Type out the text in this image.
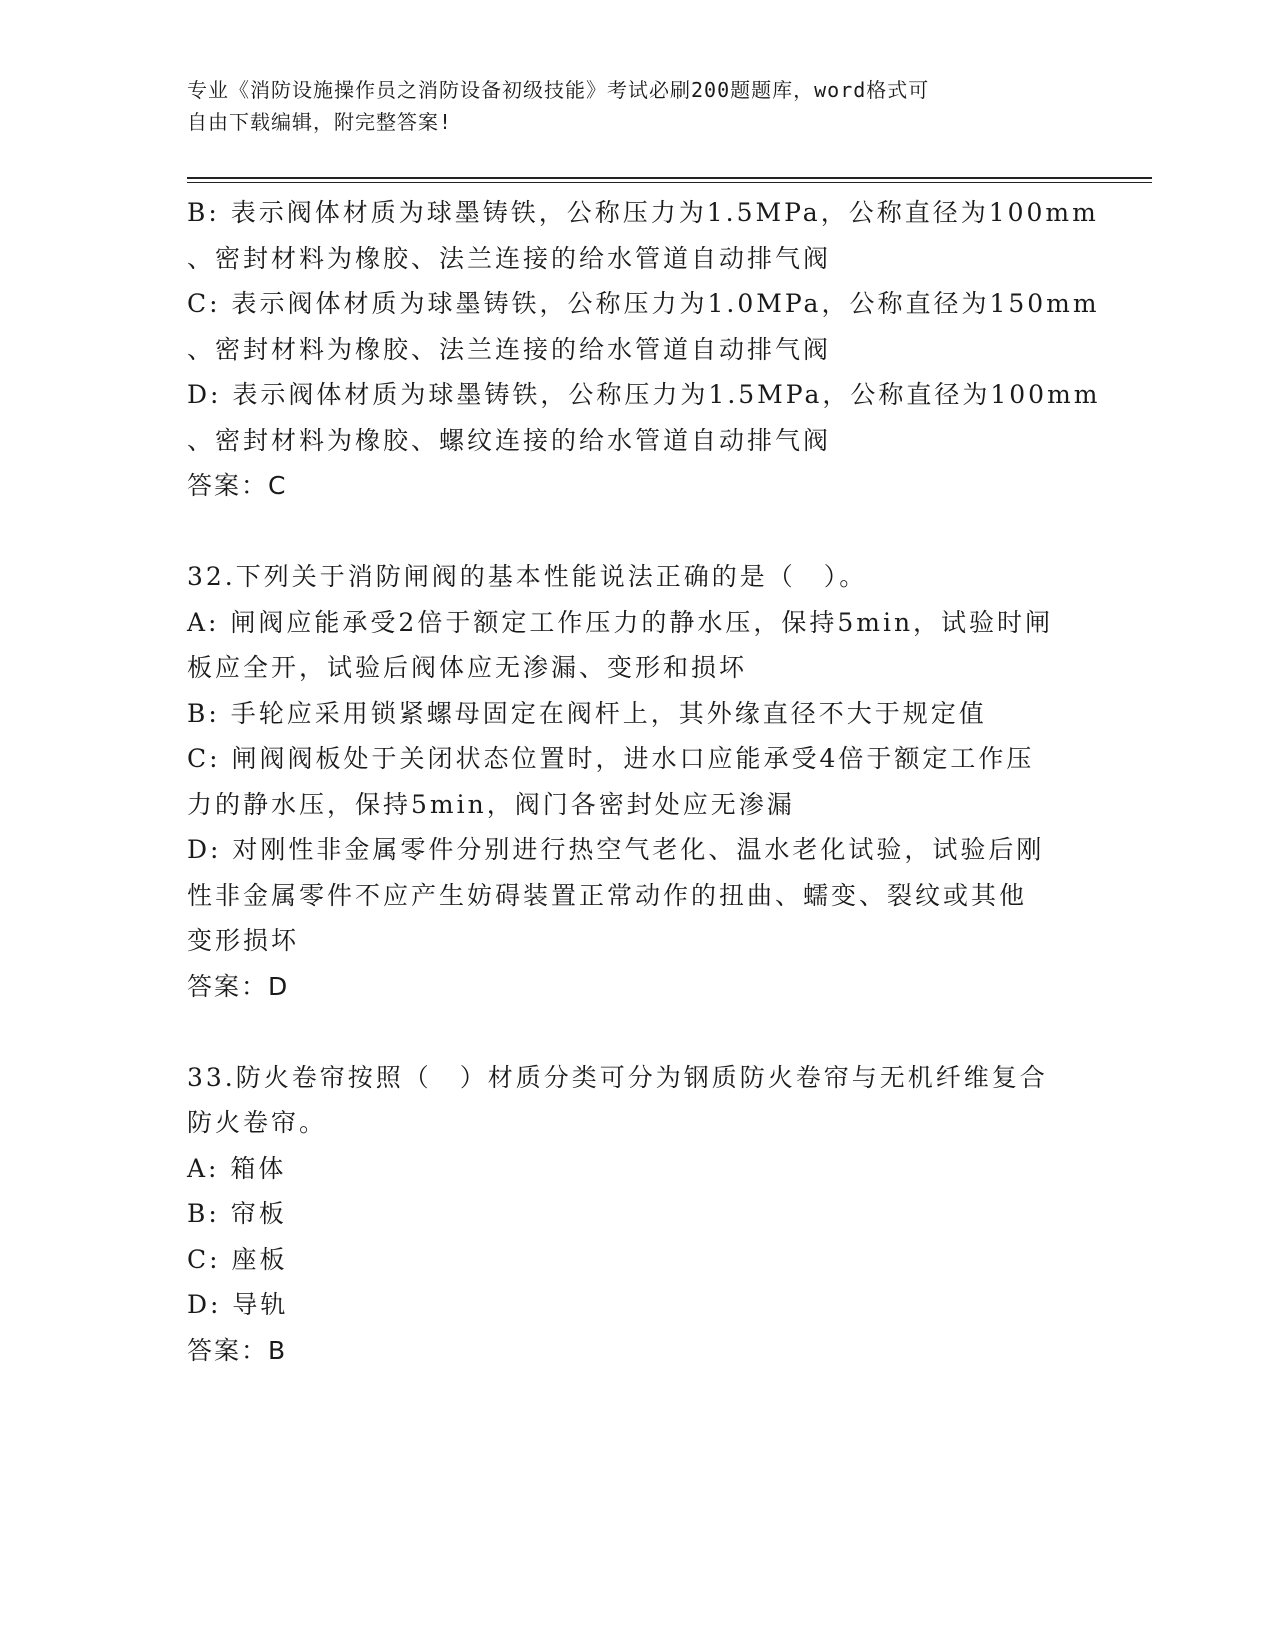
专业《消防设施操作员之消防设备初级技能》考试必刷200题题库，word格式可
自由下载编辑，附完整答案!
B: 表示阀体材质为球墨铸铁，公称压力为1.5MPa，公称直径为100mm
、密封材料为橡胶、法兰连接的给水管道自动排气阀
C: 表示阀体材质为球墨铸铁，公称压力为1.0MPa，公称直径为150mm
、密封材料为橡胶、法兰连接的给水管道自动排气阀
D: 表示阀体材质为球墨铸铁，公称压力为1.5MPa，公称直径为100mm
、密封材料为橡胶、螺纹连接的给水管道自动排气阀
答案：C
32.下列关于消防闸阀的基本性能说法正确的是（　）。
A: 闸阀应能承受2倍于额定工作压力的静水压，保持5min，试验时闸
板应全开，试验后阀体应无渗漏、变形和损坏
B: 手轮应采用锁紧螺母固定在阀杆上，其外缘直径不大于规定值
C: 闸阀阀板处于关闭状态位置时，进水口应能承受4倍于额定工作压
力的静水压，保持5min，阀门各密封处应无渗漏
D: 对刚性非金属零件分别进行热空气老化、温水老化试验，试验后刚
性非金属零件不应产生妨碍装置正常动作的扭曲、蠕变、裂纹或其他
变形损坏
答案：D
33.防火卷帘按照（　）材质分类可分为钢质防火卷帘与无机纤维复合
防火卷帘。
A: 箱体
B: 帘板
C: 座板
D: 导轨
答案：B
